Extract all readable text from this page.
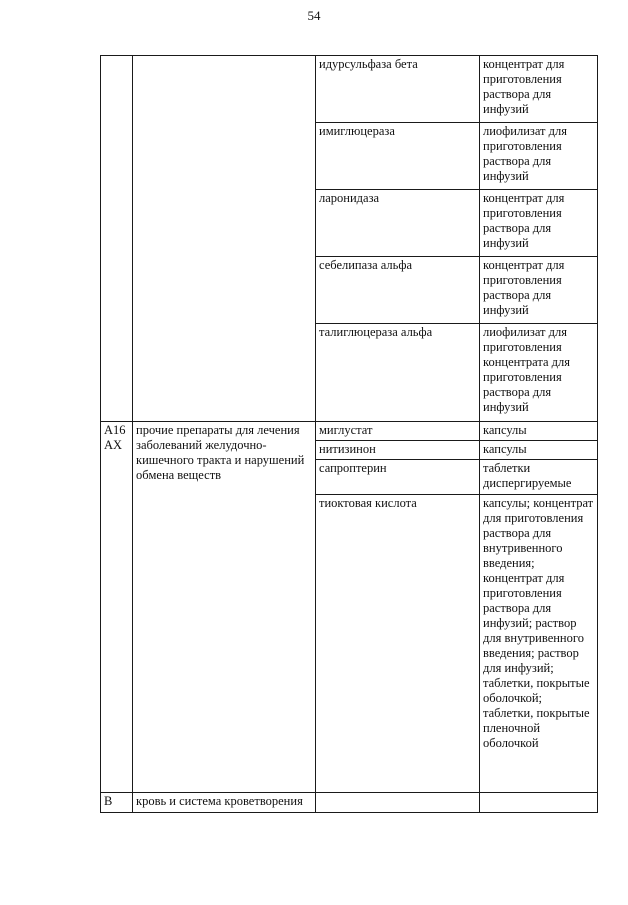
54
		идурсульфаза бета	концентрат для приготовления раствора для инфузий
		имиглюцераза	лиофилизат для приготовления раствора для инфузий
		ларонидаза	концентрат для приготовления раствора для инфузий
		себелипаза альфа	концентрат для приготовления раствора для инфузий
		талиглюцераза альфа	лиофилизат для приготовления концентрата для приготовления раствора для инфузий
A16 AX	прочие препараты для лечения заболеваний желудочно-кишечного тракта и нарушений обмена веществ	миглустат	капсулы
		нитизинон	капсулы
		сапроптерин	таблетки диспергируемые
		тиоктовая кислота	капсулы; концентрат для приготовления раствора для внутривенного введения; концентрат для приготовления раствора для инфузий; раствор для внутривенного введения; раствор для инфузий; таблетки, покрытые оболочкой; таблетки, покрытые пленочной оболочкой
B	кровь и система кроветворения		
